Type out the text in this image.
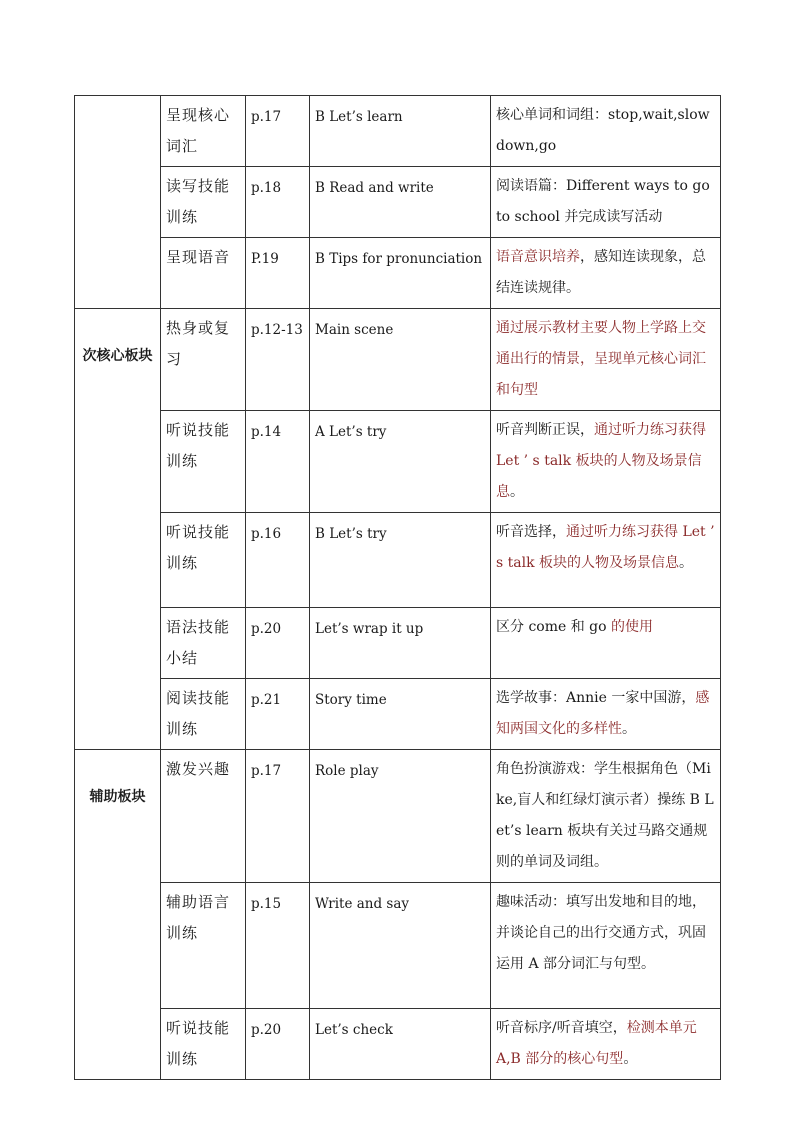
	呈现核心词汇	p.17	B Let’s learn	核心单词和词组：stop,wait,slow down,go
	读写技能训练	p.18	B Read and write	阅读语篇：Different ways to go to school 并完成读写活动
	呈现语音	P.19	B Tips for pronunciation	语音意识培养，感知连读现象，总结连读规律。
次核心板块	热身或复习	p.12-13	Main scene	通过展示教材主要人物上学路上交通出行的情景，呈现单元核心词汇和句型
	听说技能训练	p.14	A Let’s try	听音判断正误，通过听力练习获得 Let ’ s talk 板块的人物及场景信息。
	听说技能训练	p.16	B Let’s try	听音选择，通过听力练习获得 Let ’ s talk 板块的人物及场景信息。
	语法技能小结	p.20	Let’s wrap it up	区分 come 和 go 的使用
	阅读技能训练	p.21	Story time	选学故事：Annie 一家中国游，感知两国文化的多样性。
辅助板块	激发兴趣	p.17	Role play	角色扮演游戏：学生根据角色（Mike,盲人和红绿灯演示者）操练 B Let’s learn 板块有关过马路交通规则的单词及词组。
	辅助语言训练	p.15	Write and say	趣味活动：填写出发地和目的地，并谈论自己的出行交通方式，巩固运用 A 部分词汇与句型。
	听说技能训练	p.20	Let’s check	听音标序/听音填空，检测本单元 A,B 部分的核心句型。
